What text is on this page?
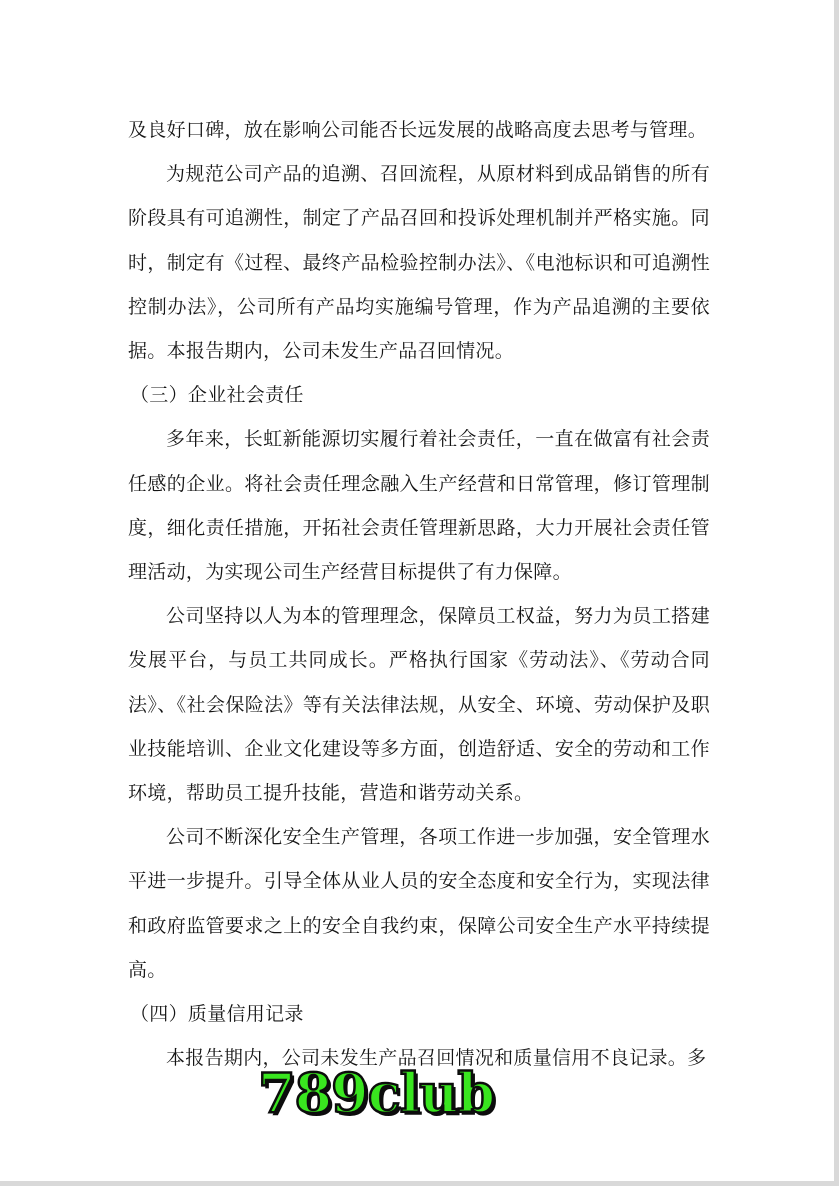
及良好口碑，放在影响公司能否长远发展的战略高度去思考与管理。

为规范公司产品的追溯、召回流程，从原材料到成品销售的所有阶段具有可追溯性，制定了产品召回和投诉处理机制并严格实施。同时，制定有《过程、最终产品检验控制办法》、《电池标识和可追溯性控制办法》，公司所有产品均实施编号管理，作为产品追溯的主要依据。本报告期内，公司未发生产品召回情况。

（三）企业社会责任

多年来，长虹新能源切实履行着社会责任，一直在做富有社会责任感的企业。将社会责任理念融入生产经营和日常管理，修订管理制度，细化责任措施，开拓社会责任管理新思路，大力开展社会责任管理活动，为实现公司生产经营目标提供了有力保障。

公司坚持以人为本的管理理念，保障员工权益，努力为员工搭建发展平台，与员工共同成长。严格执行国家《劳动法》、《劳动合同法》、《社会保险法》等有关法律法规，从安全、环境、劳动保护及职业技能培训、企业文化建设等多方面，创造舒适、安全的劳动和工作环境，帮助员工提升技能，营造和谐劳动关系。

公司不断深化安全生产管理，各项工作进一步加强，安全管理水平进一步提升。引导全体从业人员的安全态度和安全行为，实现法律和政府监管要求之上的安全自我约束，保障公司安全生产水平持续提高。

（四）质量信用记录

本报告期内，公司未发生产品召回情况和质量信用不良记录。多

789club
